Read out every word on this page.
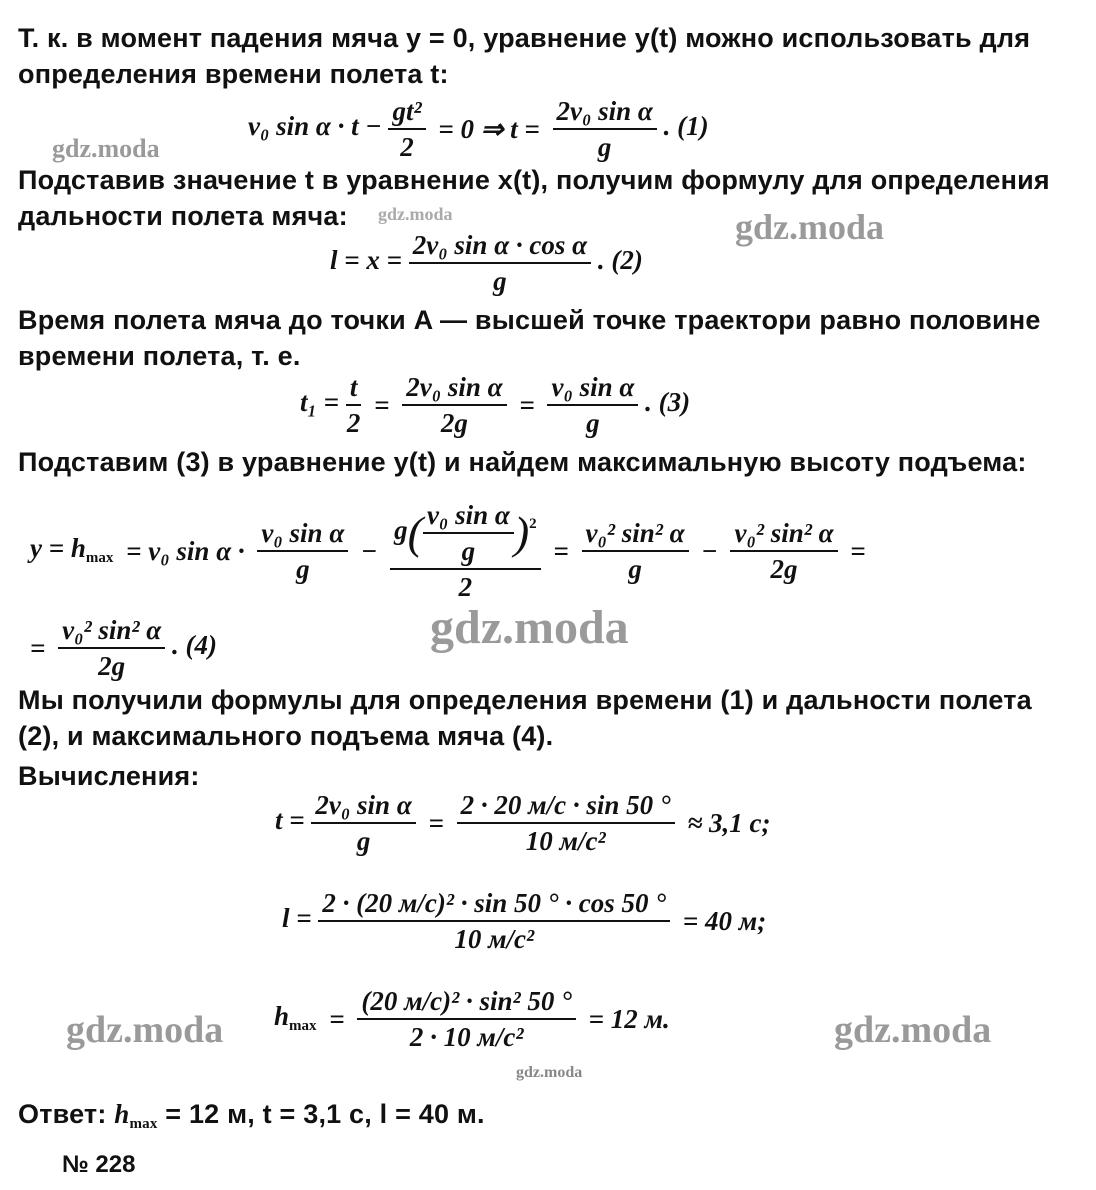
Т. к. в момент падения мяча y = 0, уравнение y(t) можно использовать для определения времени полета t:
v₀ $\sin \alpha \cdot t - \frac{\text{gt²}}{2} = 0$ ⇒ $t = \frac{\text{2v₀ sin α}}{g}$ . (1)
Подставив значение t в уравнение x(t), получим формулу для определения дальности полета мяча:
$l = x = \frac{\text{2v₀ sin α · cos α}}{g}$ . (2)
Время полета мяча до точки A — высшей точке траектори равно половине времени полета, т. е.
$t_1 = \frac{t}{2} = \frac{\text{2v₀ sin α}}{2g} = \frac{\text{v₀ sin α}}{g}$ . (3)
Подставим (3) в уравнение y(t) и найдем максимальную высоту подъема:
$y = h_{max} = v_0$ $\sin \alpha \cdot \frac{\text{v₀ sin α}}{g} - \frac{g( \frac{\text{v₀ sin α}}{g} )^2}{2} = \frac{\text{v₀² sin² α}}{g} - \frac{\text{v₀² sin² α}}{2g}$ =
= $\frac{\text{v₀² sin² α}}{2g}$ . (4)
Мы получили формулы для определения времени (1) и дальности полета (2), и максимального подъема мяча (4).
Вычисления:
$t = \frac{\text{2v₀ sin α}}{g} = \frac{2 \cdot 20 м/с \cdot \sin 50 ^\circ}{\text{10 м/с²}} \approx 3,1$ с;
$l = \frac{\text{2 · (20 м/с)² · sin 50 ° · cos 50 °}}{\text{10 м/с²}} = 40$ м;
$h_{max} = \frac{\text{(20 м/с)² · sin² 50 °}}{\text{2 · 10 м/с²}} = 12$ м.
Ответ: $h_{max} = 12$ м, t = 3,1 с, l = 40 м.
№ 228
gdz.moda
gdz.moda	gdz.moda
gdz.moda
gdz.moda	gdz.moda
gdz.moda
